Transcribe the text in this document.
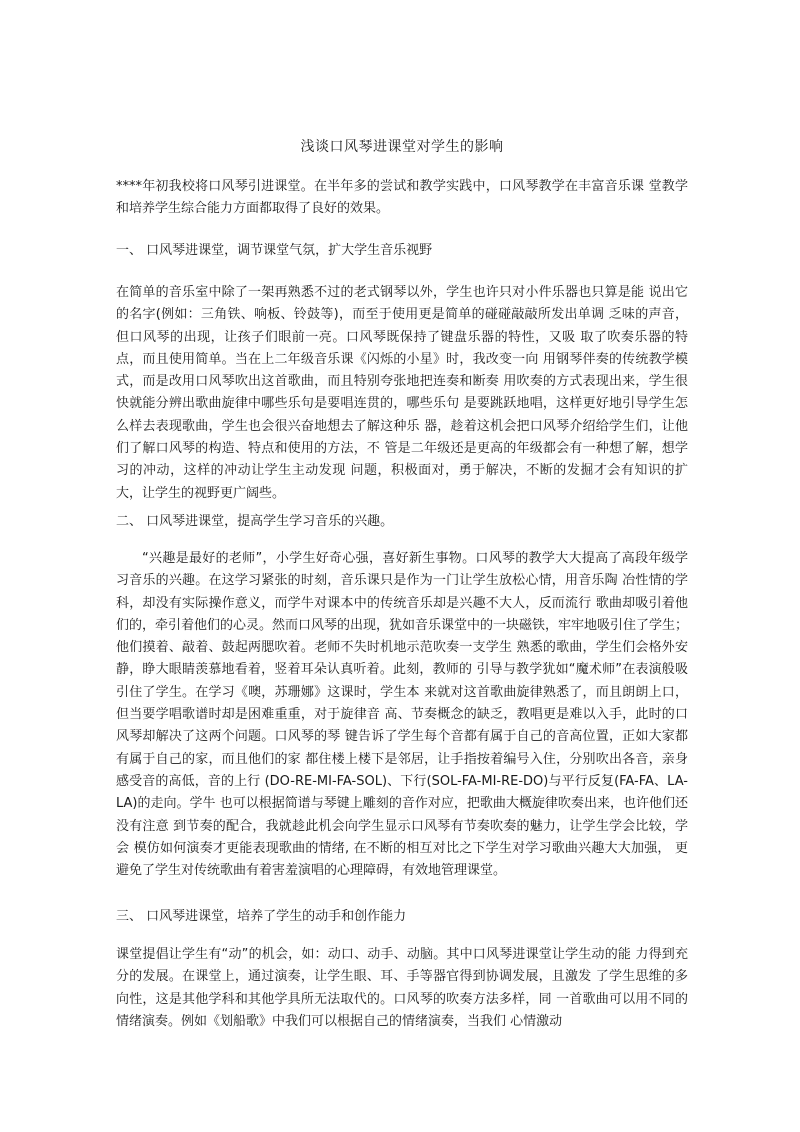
浅谈口风琴进课堂对学生的影响
****年初我校将口风琴引进课堂。在半年多的尝试和教学实践中，口风琴教学在丰富音乐课 堂教学和培养学生综合能力方面都取得了良好的效果。
一、 口风琴进课堂，调节课堂气氛，扩大学生音乐视野
在简单的音乐室中除了一架再熟悉不过的老式钢琴以外，学生也许只对小件乐器也只算是能 说出它的名字(例如：三角铁、响板、铃鼓等)，而至于使用更是简单的碰碰敲敲所发出单调 乏味的声音，但口风琴的出现，让孩子们眼前一亮。口风琴既保持了键盘乐器的特性，又吸 取了吹奏乐器的特点，而且使用简单。当在上二年级音乐课《闪烁的小星》时，我改变一向 用钢琴伴奏的传统教学模式，而是改用口风琴吹出这首歌曲，而且特别夸张地把连奏和断奏 用吹奏的方式表现出来，学生很快就能分辨出歌曲旋律中哪些乐句是要唱连贯的，哪些乐句 是要跳跃地唱，这样更好地引导学生怎么样去表现歌曲，学生也会很兴奋地想去了解这种乐 器，趁着这机会把口风琴介绍给学生们，让他们了解口风琴的构造、特点和使用的方法，不 管是二年级还是更高的年级都会有一种想了解，想学习的冲动，这样的冲动让学生主动发现 问题，积极面对，勇于解决，不断的发掘才会有知识的扩大，让学生的视野更广阔些。
二、 口风琴进课堂，提高学生学习音乐的兴趣。
“兴趣是最好的老师”，小学生好奇心强，喜好新生事物。口风琴的教学大大提高了高段年级学习音乐的兴趣。在这学习紧张的时刻，音乐课只是作为一门让学生放松心情，用音乐陶 冶性情的学科，却没有实际操作意义，而学牛对课本中的传统音乐却是兴趣不大人，反而流行 歌曲却吸引着他们的，牵引着他们的心灵。然而口风琴的出现，犹如音乐课堂中的一块磁铁，牢牢地吸引住了学生；他们摸着、敲着、鼓起两腮吹着。老师不失时机地示范吹奏一支学生 熟悉的歌曲，学生们会格外安静，睁大眼睛羡慕地看着，竖着耳朵认真听着。此刻，教师的 引导与教学犹如“魔术师”在表演般吸引住了学生。在学习《噢，苏珊娜》这课时，学生本 来就对这首歌曲旋律熟悉了，而且朗朗上口，但当要学唱歌谱时却是困难重重，对于旋律音 高、节奏概念的缺乏，教唱更是难以入手，此时的口风琴却解决了这两个问题。口风琴的琴 键告诉了学生每个音都有属于自己的音高位置，正如大家都有属于自己的家，而且他们的家 都住楼上楼下是邻居，让手指按着编号入住，分别吹出各音，亲身感受音的高低，音的上行 (DO-RE-MI-FA-SOL)、下行(SOL-FA-MI-RE-DO)与平行反复(FA-FA、LA-LA)的走向。学牛 也可以根据简谱与琴键上雕刻的音作对应，把歌曲大概旋律吹奏出来，也许他们还没有注意 到节奏的配合，我就趁此机会向学生显示口风琴有节奏吹奏的魅力，让学生学会比较，学会 模仿如何演奏才更能表现歌曲的情绪, 在不断的相互对比之下学生对学习歌曲兴趣大大加强， 更避免了学生对传统歌曲有着害羞演唱的心理障碍，有效地管理课堂。
三、 口风琴进课堂，培养了学生的动手和创作能力
课堂提倡让学生有“动”的机会，如：动口、动手、动脑。其中口风琴进课堂让学生动的能 力得到充分的发展。在课堂上，通过演奏，让学生眼、耳、手等器官得到协调发展，且激发 了学生思维的多向性，这是其他学科和其他学具所无法取代的。口风琴的吹奏方法多样，同 一首歌曲可以用不同的情绪演奏。例如《划船歌》中我们可以根据自己的情绪演奏，当我们 心情激动
